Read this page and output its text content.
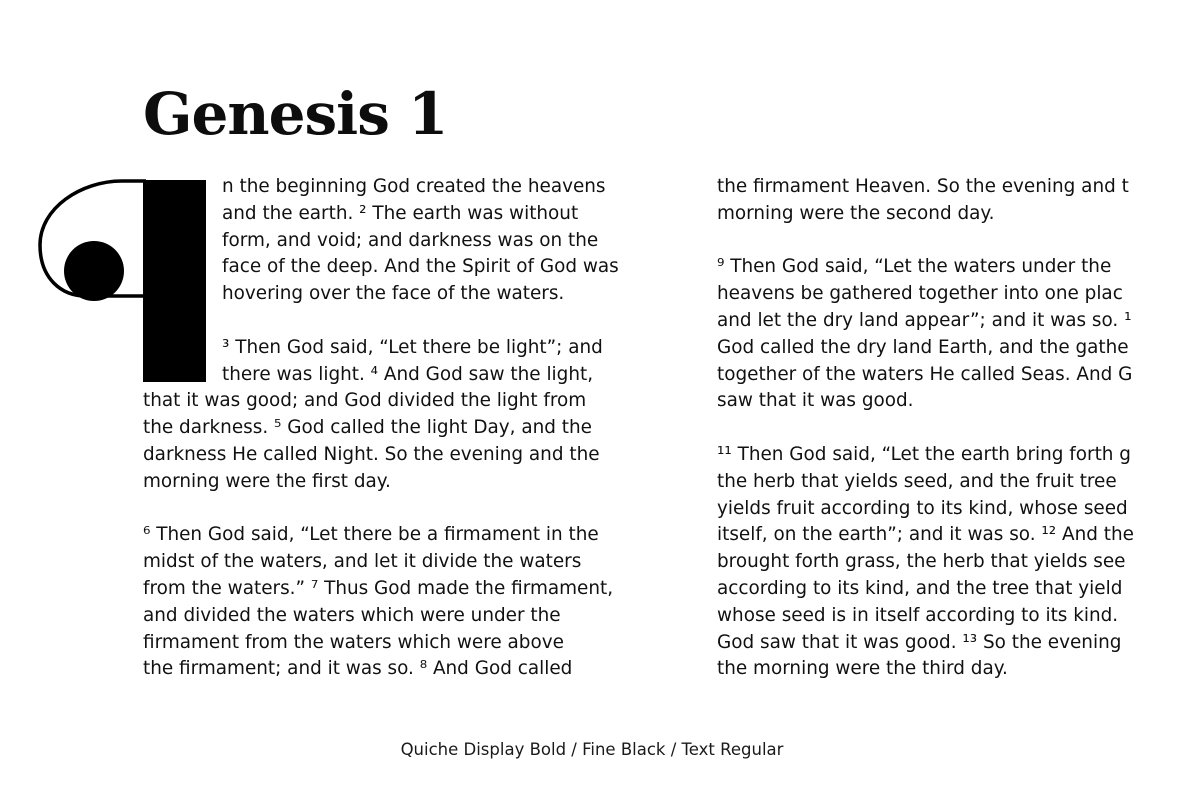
Genesis 1
n the beginning God created the heavens
and the earth. ² The earth was without
form, and void; and darkness was on the
face of the deep. And the Spirit of God was
hovering over the face of the waters.
³ Then God said, “Let there be light”; and
there was light. ⁴ And God saw the light,
that it was good; and God divided the light from
the darkness. ⁵ God called the light Day, and the
darkness He called Night. So the evening and the
morning were the first day.
⁶ Then God said, “Let there be a firmament in the
midst of the waters, and let it divide the waters
from the waters.” ⁷ Thus God made the firmament,
and divided the waters which were under the
firmament from the waters which were above
the firmament; and it was so. ⁸ And God called
the firmament Heaven. So the evening and t
morning were the second day.
⁹ Then God said, “Let the waters under the
heavens be gathered together into one plac
and let the dry land appear”; and it was so. ¹
God called the dry land Earth, and the gathe
together of the waters He called Seas. And G
saw that it was good.
¹¹ Then God said, “Let the earth bring forth g
the herb that yields seed, and the fruit tree
yields fruit according to its kind, whose seed
itself, on the earth”; and it was so. ¹² And the
brought forth grass, the herb that yields see
according to its kind, and the tree that yield
whose seed is in itself according to its kind.
God saw that it was good. ¹³ So the evening
the morning were the third day.
Quiche Display Bold / Fine Black / Text Regular
